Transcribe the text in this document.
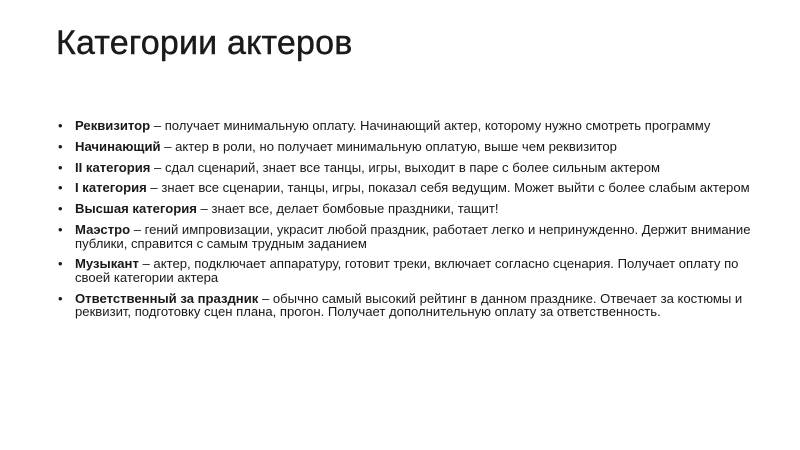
Категории актеров
• Реквизитор – получает минимальную оплату. Начинающий актер, которому нужно смотреть программу
• Начинающий – актер в роли, но получает минимальную оплатую, выше чем реквизитор
• II категория – сдал сценарий, знает все танцы, игры, выходит в паре с более сильным актером
• I категория – знает все сценарии, танцы, игры, показал себя ведущим. Может выйти с более слабым актером
• Высшая категория – знает все, делает бомбовые праздники, тащит!
• Маэстро – гений импровизации, украсит любой праздник, работает легко и непринужденно. Держит внимание публики, справится с самым трудным заданием
• Музыкант – актер, подключает аппаратуру, готовит треки, включает согласно сценария. Получает оплату по своей категории актера
• Ответственный за праздник – обычно самый высокий рейтинг в данном празднике. Отвечает за костюмы и реквизит, подготовку сцен плана, прогон. Получает дополнительную оплату за ответственность.
